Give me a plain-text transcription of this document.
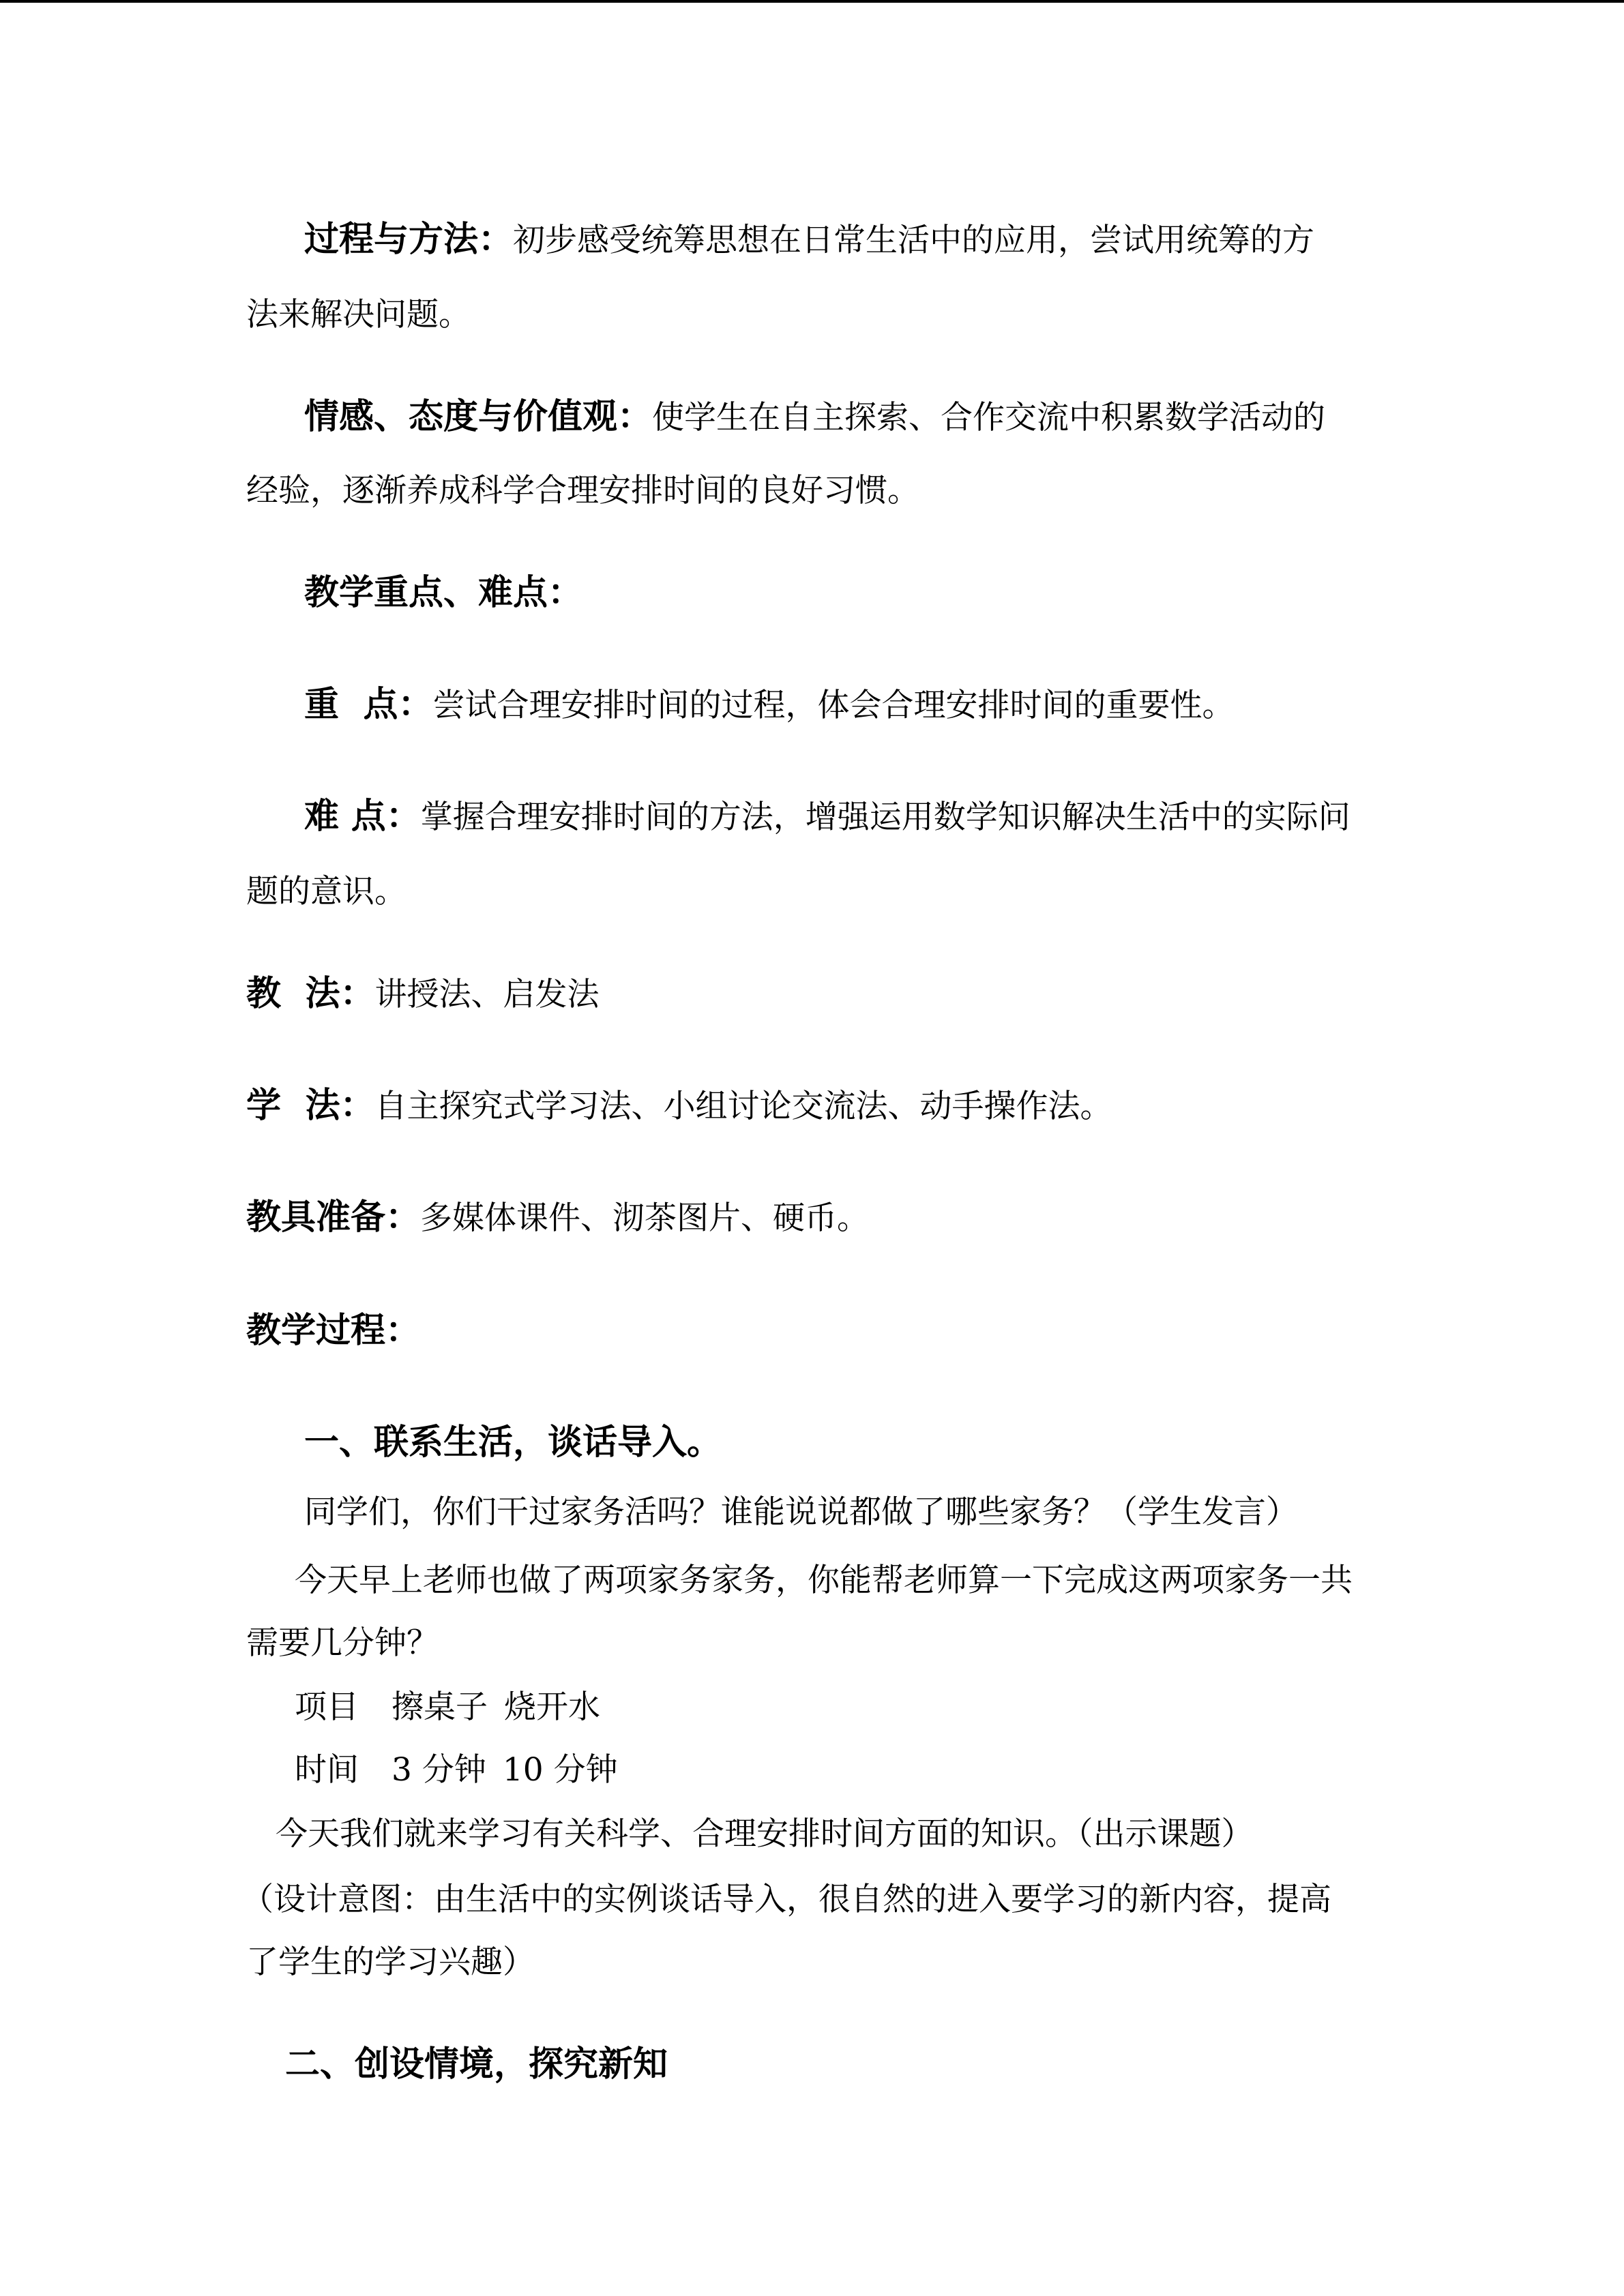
过程与方法：初步感受统筹思想在日常生活中的应用，尝试用统筹的方
法来解决问题。
情感、态度与价值观：使学生在自主探索、合作交流中积累数学活动的
经验，逐渐养成科学合理安排时间的良好习惯。
教学重点、难点：
重  点：尝试合理安排时间的过程，体会合理安排时间的重要性。
难 点：掌握合理安排时间的方法，增强运用数学知识解决生活中的实际问
题的意识。
教  法：讲授法、启发法
学  法：自主探究式学习法、小组讨论交流法、动手操作法。
教具准备：多媒体课件、沏茶图片、硬币。
教学过程：
一、联系生活，谈话导入。
同学们，你们干过家务活吗？谁能说说都做了哪些家务？（学生发言）
今天早上老师也做了两项家务家务，你能帮老师算一下完成这两项家务一共
需要几分钟？
项目 擦桌子 烧开水
时间 3 分钟 10 分钟
今天我们就来学习有关科学、合理安排时间方面的知识。（出示课题）
（设计意图：由生活中的实例谈话导入，很自然的进入要学习的新内容，提高
了学生的学习兴趣）
二、创设情境，探究新知
